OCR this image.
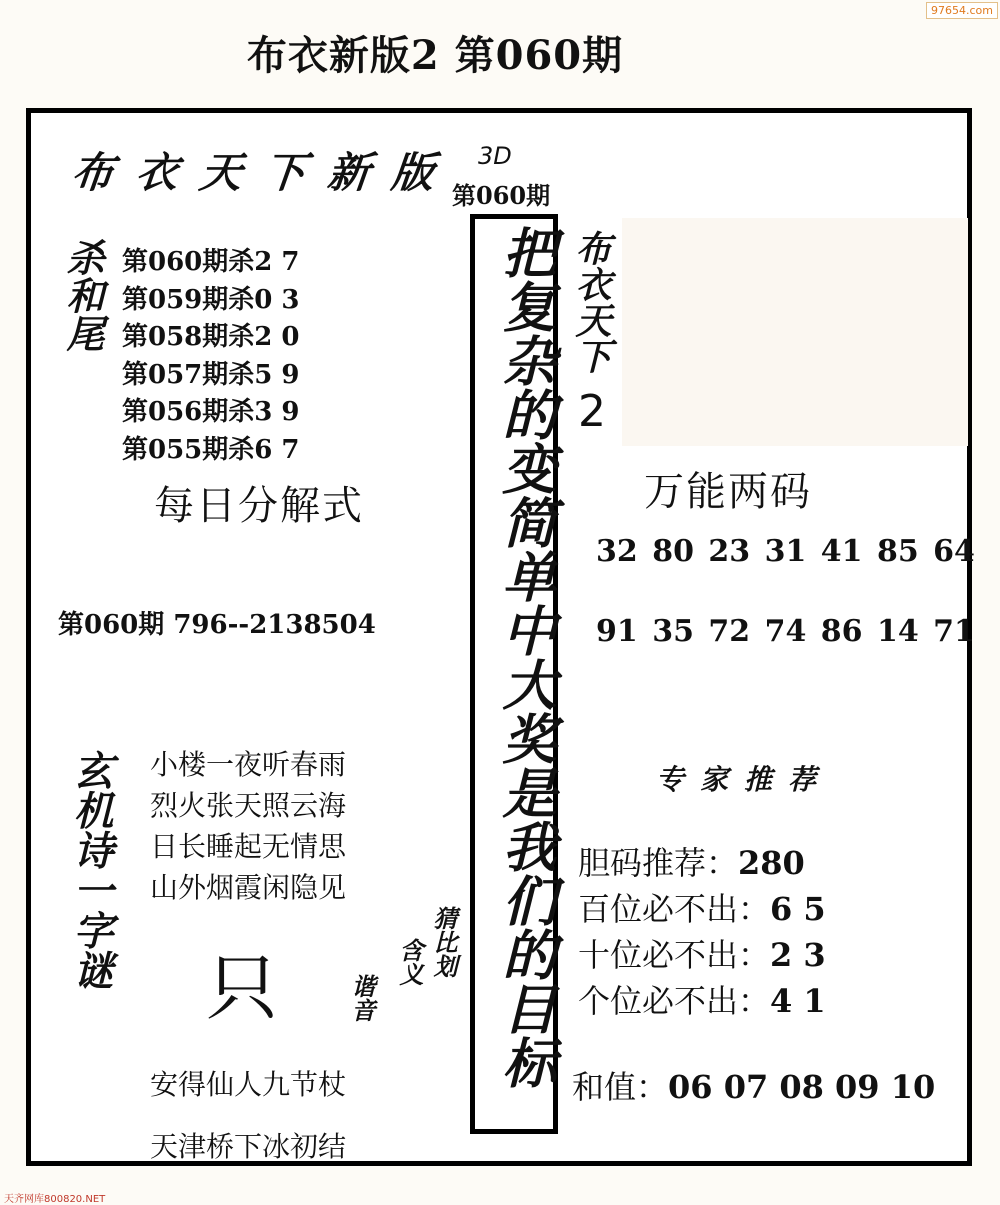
97654.com
布衣新版2 第060期
布衣天下新版 3D
第060期
杀和尾 第060期杀2 7
第059期杀0 3
第058期杀2 0
第057期杀5 9
第056期杀3 9
第055期杀6 7
每日分解式
第060期 796--2138504
玄机诗一字谜 小楼一夜听春雨
烈火张天照云海
日长睡起无情思
山外烟霞闲隐见
只
猜比划
含义
谐音
安得仙人九节杖
天津桥下冰初结
把复杂的变简单中大奖是我们的目标 布衣天下
2
万能两码
32 80 23 31 41 85 64
91 35 72 74 86 14 71
专家推荐
胆码推荐：280
百位必不出：6 5
十位必不出：2 3
个位必不出：4 1
和值：06 07 08 09 10
天齐网库800820.NET
